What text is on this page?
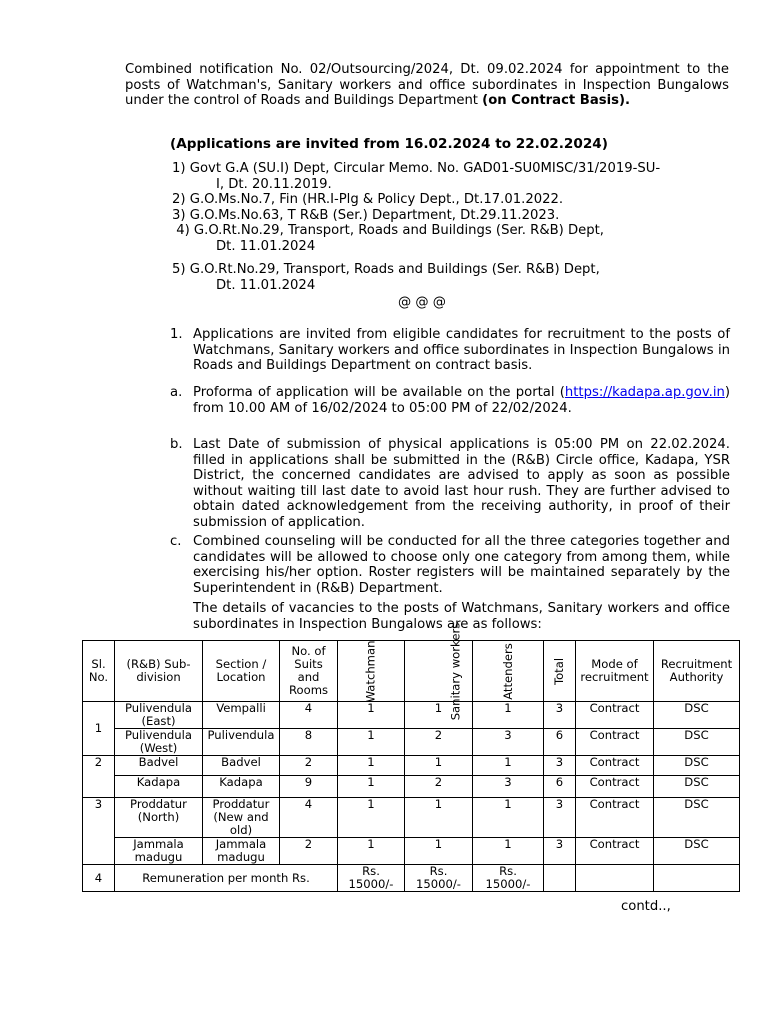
Combined notification No. 02/Outsourcing/2024, Dt. 09.02.2024 for appointment to the posts of Watchman's, Sanitary workers and office subordinates in Inspection Bungalows under the control of Roads and Buildings Department (on Contract Basis).
(Applications are invited from 16.02.2024 to 22.02.2024)
1) Govt G.A (SU.I) Dept, Circular Memo. No. GAD01-SU0MISC/31/2019-SU-
I, Dt. 20.11.2019.
2) G.O.Ms.No.7, Fin (HR.I-Plg & Policy Dept., Dt.17.01.2022.
3) G.O.Ms.No.63, T R&B (Ser.) Department, Dt.29.11.2023.
4) G.O.Rt.No.29, Transport, Roads and Buildings (Ser. R&B) Dept,
Dt. 11.01.2024
5) G.O.Rt.No.29, Transport, Roads and Buildings (Ser. R&B) Dept,
Dt. 11.01.2024
@ @ @
1. Applications are invited from eligible candidates for recruitment to the posts of Watchmans, Sanitary workers and office subordinates in Inspection Bungalows in Roads and Buildings Department on contract basis.
a. Proforma of application will be available on the portal (https://kadapa.ap.gov.in) from 10.00 AM of 16/02/2024 to 05:00 PM of 22/02/2024.
b. Last Date of submission of physical applications is 05:00 PM on 22.02.2024. filled in applications shall be submitted in the (R&B) Circle office, Kadapa, YSR District, the concerned candidates are advised to apply as soon as possible without waiting till last date to avoid last hour rush. They are further advised to obtain dated acknowledgement from the receiving authority, in proof of their submission of application.
c. Combined counseling will be conducted for all the three categories together and candidates will be allowed to choose only one category from among them, while exercising his/her option. Roster registers will be maintained separately by the Superintendent in (R&B) Department.
The details of vacancies to the posts of Watchmans, Sanitary workers and office subordinates in Inspection Bungalows are as follows:
Sl. No.	(R&B) Sub-division	Section / Location	No. of Suits and Rooms	Watchman	Sanitary workers	Attenders	Total	Mode of recruitment	Recruitment Authority
1	Pulivendula (East)	Vempalli	4	1	1	1	3	Contract	DSC
	Pulivendula (West)	Pulivendula	8	1	2	3	6	Contract	DSC
2	Badvel	Badvel	2	1	1	1	3	Contract	DSC
	Kadapa	Kadapa	9	1	2	3	6	Contract	DSC
3	Proddatur (North)	Proddatur (New and old)	4	1	1	1	3	Contract	DSC
	Jammala madugu	Jammala madugu	2	1	1	1	3	Contract	DSC
4	Remuneration per month Rs.			Rs. 15000/-	Rs. 15000/-	Rs. 15000/-			
contd..,
